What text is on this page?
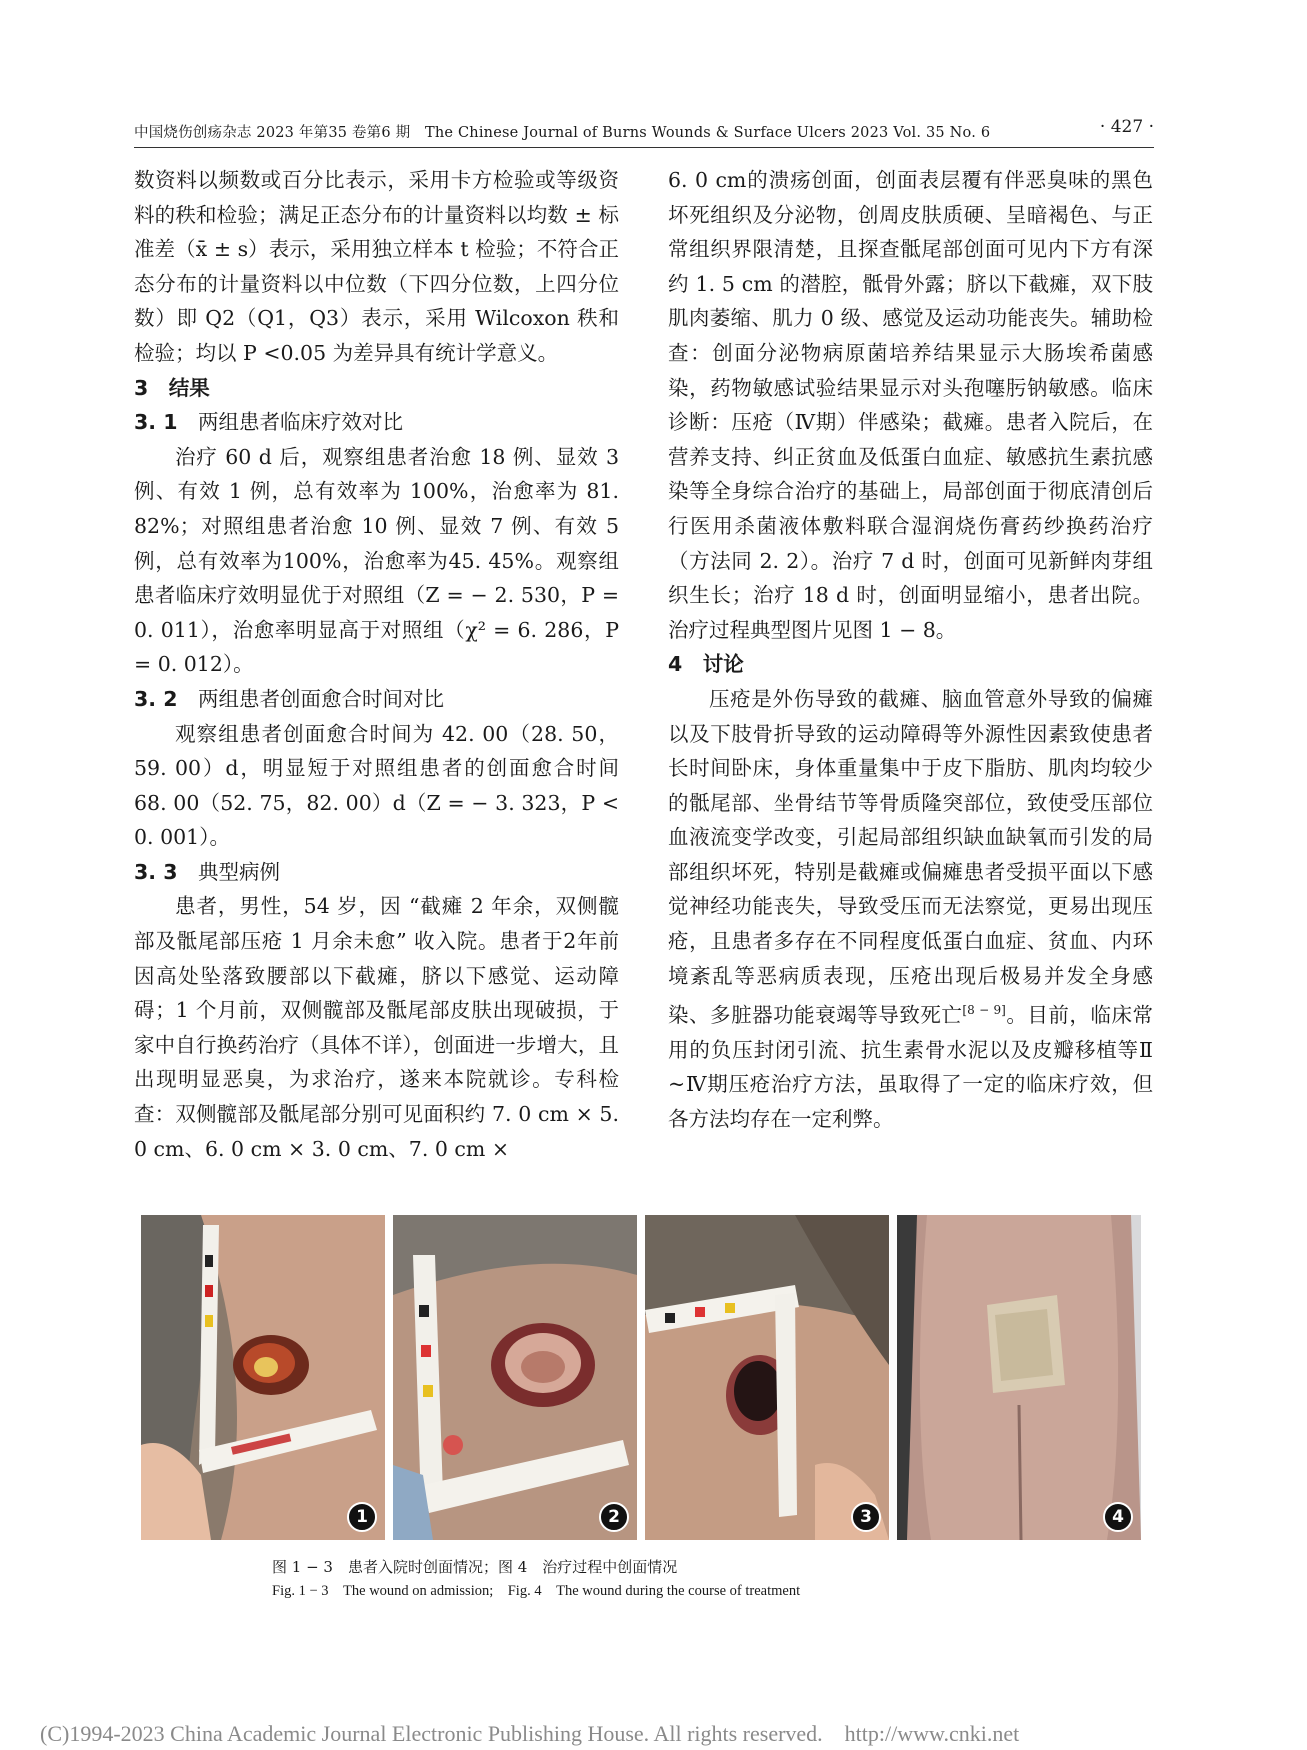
中国烧伤创疡杂志 2023 年第35 卷第6 期　The Chinese Journal of Burns Wounds & Surface Ulcers 2023 Vol. 35 No. 6	· 427 ·

数资料以频数或百分比表示，采用卡方检验或等级资料的秩和检验；满足正态分布的计量资料以均数 ± 标准差（x̄ ± s）表示，采用独立样本 t 检验；不符合正态分布的计量资料以中位数（下四分位数，上四分位数）即 Q2（Q1，Q3）表示，采用 Wilcoxon 秩和检验；均以 P <0.05 为差异具有统计学意义。

3　结果
3. 1　 两组患者临床疗效对比

治疗 60 d 后，观察组患者治愈 18 例、显效 3 例、有效 1 例，总有效率为 100%，治愈率为 81. 82%；对照组患者治愈 10 例、显效 7 例、有效 5 例，总有效率为100%，治愈率为45. 45%。观察组患者临床疗效明显优于对照组（Z = − 2. 530，P = 0. 011），治愈率明显高于对照组（χ² = 6. 286，P = 0. 012）。

3. 2　 两组患者创面愈合时间对比

观察组患者创面愈合时间为 42. 00（28. 50，59. 00）d，明显短于对照组患者的创面愈合时间 68. 00（52. 75，82. 00）d（Z = − 3. 323，P < 0. 001）。

3. 3　 典型病例

患者，男性，54 岁，因 “截瘫 2 年余，双侧髋部及骶尾部压疮 1 月余未愈” 收入院。患者于2年前因高处坠落致腰部以下截瘫，脐以下感觉、运动障碍；1 个月前，双侧髋部及骶尾部皮肤出现破损，于家中自行换药治疗（具体不详），创面进一步增大，且出现明显恶臭，为求治疗，遂来本院就诊。专科检查：双侧髋部及骶尾部分别可见面积约 7. 0 cm × 5. 0 cm、6. 0 cm × 3. 0 cm、7. 0 cm ×

6. 0 cm的溃疡创面，创面表层覆有伴恶臭味的黑色坏死组织及分泌物，创周皮肤质硬、呈暗褐色、与正常组织界限清楚，且探查骶尾部创面可见内下方有深约 1. 5 cm 的潜腔，骶骨外露；脐以下截瘫，双下肢肌肉萎缩、肌力 0 级、感觉及运动功能丧失。辅助检查：创面分泌物病原菌培养结果显示大肠埃希菌感染，药物敏感试验结果显示对头孢噻肟钠敏感。临床诊断：压疮（Ⅳ期）伴感染；截瘫。患者入院后，在营养支持、纠正贫血及低蛋白血症、敏感抗生素抗感染等全身综合治疗的基础上，局部创面于彻底清创后行医用杀菌液体敷料联合湿润烧伤膏药纱换药治疗（方法同 2. 2）。治疗 7 d 时，创面可见新鲜肉芽组织生长；治疗 18 d 时，创面明显缩小，患者出院。治疗过程典型图片见图 1 − 8。

4　讨论

压疮是外伤导致的截瘫、脑血管意外导致的偏瘫以及下肢骨折导致的运动障碍等外源性因素致使患者长时间卧床，身体重量集中于皮下脂肪、肌肉均较少的骶尾部、坐骨结节等骨质隆突部位，致使受压部位血液流变学改变，引起局部组织缺血缺氧而引发的局部组织坏死，特别是截瘫或偏瘫患者受损平面以下感觉神经功能丧失，导致受压而无法察觉，更易出现压疮，且患者多存在不同程度低蛋白血症、贫血、内环境紊乱等恶病质表现，压疮出现后极易并发全身感染、多脏器功能衰竭等导致死亡[8 − 9]。目前，临床常用的负压封闭引流、抗生素骨水泥以及皮瓣移植等Ⅱ ~Ⅳ期压疮治疗方法，虽取得了一定的临床疗效，但各方法均存在一定利弊。

1	2	3	4
图 1 − 3　患者入院时创面情况；图 4　治疗过程中创面情况
Fig. 1 − 3　The wound on admission;　Fig. 4　The wound during the course of treatment
(C)1994-2023 China Academic Journal Electronic Publishing House. All rights reserved.　http://www.cnki.net
